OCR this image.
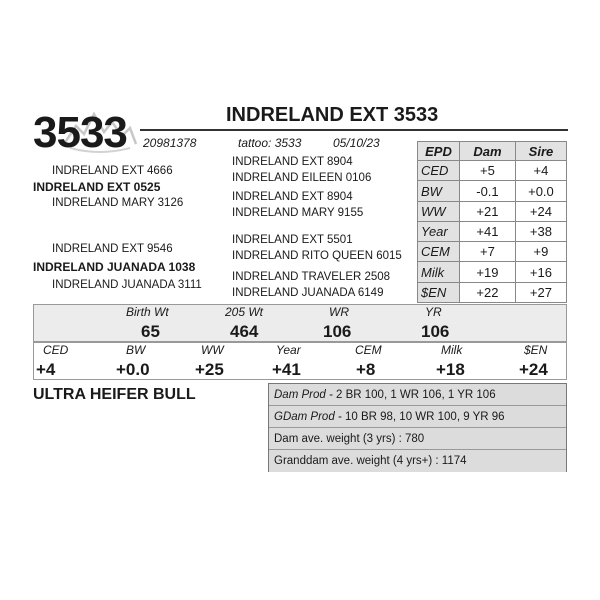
3533	INDRELAND EXT 3533
20981378	tattoo: 3533	05/10/23
INDRELAND EXT 4666
INDRELAND EXT 0525
INDRELAND MARY 3126
INDRELAND EXT 9546
INDRELAND JUANADA 1038
INDRELAND JUANADA 3111
INDRELAND EXT 8904
INDRELAND EILEEN 0106
INDRELAND EXT 8904
INDRELAND MARY 9155
INDRELAND EXT 5501
INDRELAND RITO QUEEN 6015
INDRELAND TRAVELER 2508
INDRELAND JUANADA 6149
EPD	Dam	Sire
CED	+5	+4
BW	-0.1	+0.0
WW	+21	+24
Year	+41	+38
CEM	+7	+9
Milk	+19	+16
$EN	+22	+27
Birth Wt	205 Wt	WR	YR
65	464	106	106
CED	BW	WW	Year	CEM	Milk	$EN
+4	+0.0	+25	+41	+8	+18	+24
ULTRA HEIFER BULL	Dam Prod - 2 BR 100, 1 WR 106, 1 YR 106
GDam Prod - 10 BR 98, 10 WR 100, 9 YR 96
Dam ave. weight (3 yrs) : 780
Granddam ave. weight (4 yrs+) : 1174
